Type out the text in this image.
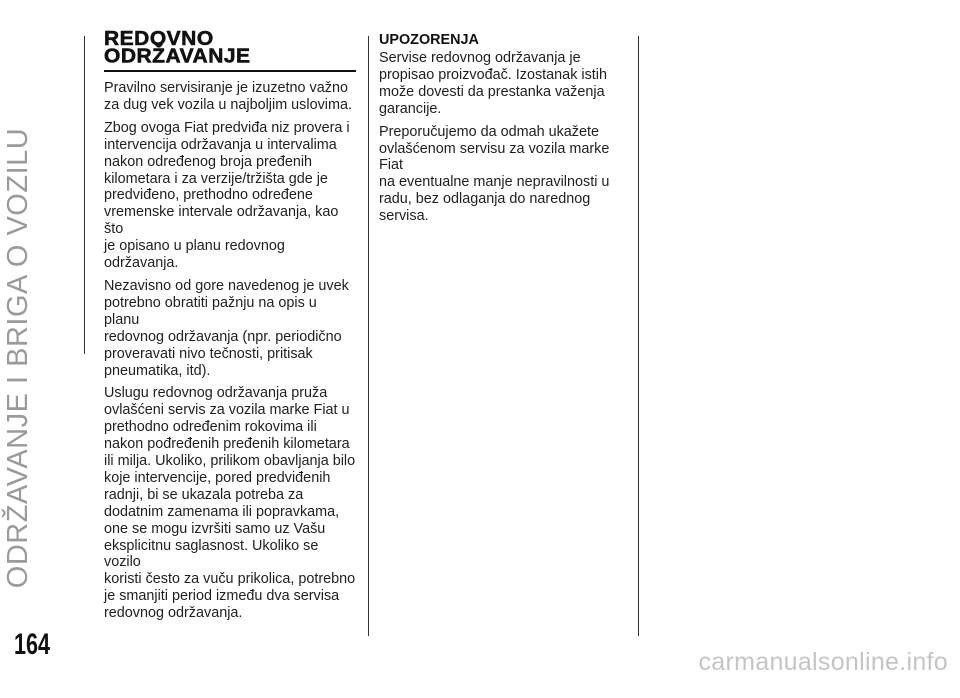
ODRŽAVANJE I BRIGA O VOZILU
REDOVNO
ODRŽAVANJE

Pravilno servisiranje je izuzetno važno
za dug vek vozila u najboljim uslovima.

Zbog ovoga Fiat predviđa niz provera i
intervencija održavanja u intervalima
nakon određenog broja pređenih
kilometara i za verzije/tržišta gde je
predviđeno, prethodno određene
vremenske intervale održavanja, kao što
je opisano u planu redovnog
održavanja.

Nezavisno od gore navedenog je uvek
potrebno obratiti pažnju na opis u planu
redovnog održavanja (npr. periodično
proveravati nivo tečnosti, pritisak
pneumatika, itd).

Uslugu redovnog održavanja pruža
ovlašćeni servis za vozila marke Fiat u
prethodno određenim rokovima ili
nakon pođređenih pređenih kilometara
ili milja. Ukoliko, prilikom obavljanja bilo
koje intervencije, pored predviđenih
radnji, bi se ukazala potreba za
dodatnim zamenama ili popravkama,
one se mogu izvršiti samo uz Vašu
eksplicitnu saglasnost. Ukoliko se vozilo
koristi često za vuču prikolica, potrebno
je smanjiti period između dva servisa
redovnog održavanja.

UPOZORENJA

Servise redovnog održavanja je
propisao proizvođač. Izostanak istih
može dovesti da prestanka važenja
garancije.

Preporučujemo da odmah ukažete
ovlašćenom servisu za vozila marke Fiat
na eventualne manje nepravilnosti u
radu, bez odlaganja do narednog
servisa.

164
carmanualsonline.info
